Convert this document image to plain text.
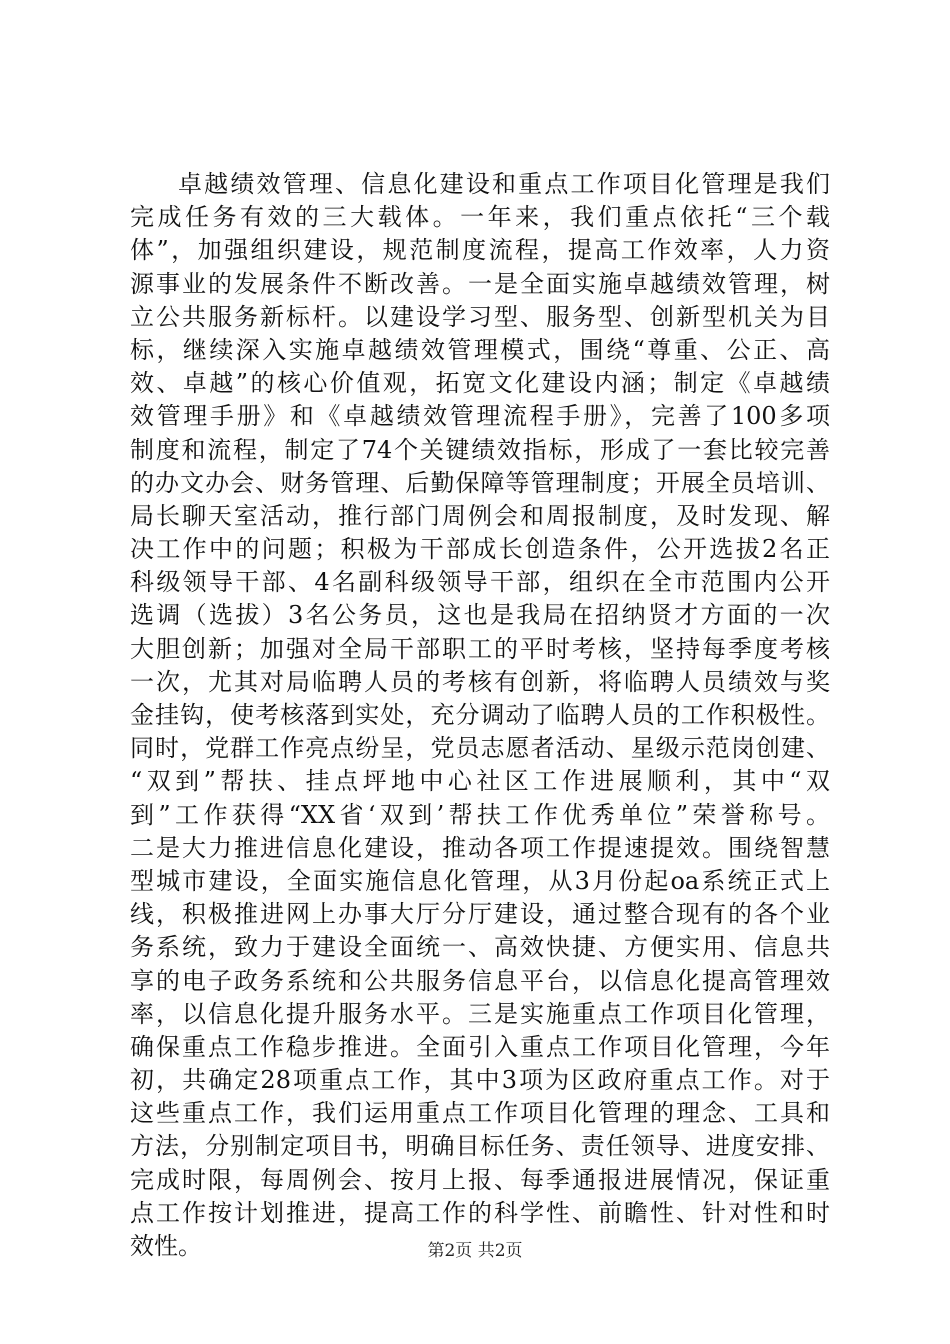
卓越绩效管理、信息化建设和重点工作项目化管理是我们
完成任务有效的三大载体。一年来，我们重点依托“三个载
体”，加强组织建设，规范制度流程，提高工作效率，人力资
源事业的发展条件不断改善。一是全面实施卓越绩效管理，树
立公共服务新标杆。以建设学习型、服务型、创新型机关为目
标，继续深入实施卓越绩效管理模式，围绕“尊重、公正、高
效、卓越”的核心价值观，拓宽文化建设内涵；制定《卓越绩
效管理手册》和《卓越绩效管理流程手册》，完善了100多项
制度和流程，制定了74个关键绩效指标，形成了一套比较完善
的办文办会、财务管理、后勤保障等管理制度；开展全员培训、
局长聊天室活动，推行部门周例会和周报制度，及时发现、解
决工作中的问题；积极为干部成长创造条件，公开选拔2名正
科级领导干部、4名副科级领导干部，组织在全市范围内公开
选调（选拔）3名公务员，这也是我局在招纳贤才方面的一次
大胆创新；加强对全局干部职工的平时考核，坚持每季度考核
一次，尤其对局临聘人员的考核有创新，将临聘人员绩效与奖
金挂钩，使考核落到实处，充分调动了临聘人员的工作积极性。
同时，党群工作亮点纷呈，党员志愿者活动、星级示范岗创建、
“双到”帮扶、挂点坪地中心社区工作进展顺利，其中“双
到”工作获得“XX省‘双到’帮扶工作优秀单位”荣誉称号。
二是大力推进信息化建设，推动各项工作提速提效。围绕智慧
型城市建设，全面实施信息化管理，从3月份起oa系统正式上
线，积极推进网上办事大厅分厅建设，通过整合现有的各个业
务系统，致力于建设全面统一、高效快捷、方便实用、信息共
享的电子政务系统和公共服务信息平台，以信息化提高管理效
率，以信息化提升服务水平。三是实施重点工作项目化管理，
确保重点工作稳步推进。全面引入重点工作项目化管理，今年
初，共确定28项重点工作，其中3项为区政府重点工作。对于
这些重点工作，我们运用重点工作项目化管理的理念、工具和
方法，分别制定项目书，明确目标任务、责任领导、进度安排、
完成时限，每周例会、按月上报、每季通报进展情况，保证重
点工作按计划推进，提高工作的科学性、前瞻性、针对性和时
效性。	第2页 共2页
